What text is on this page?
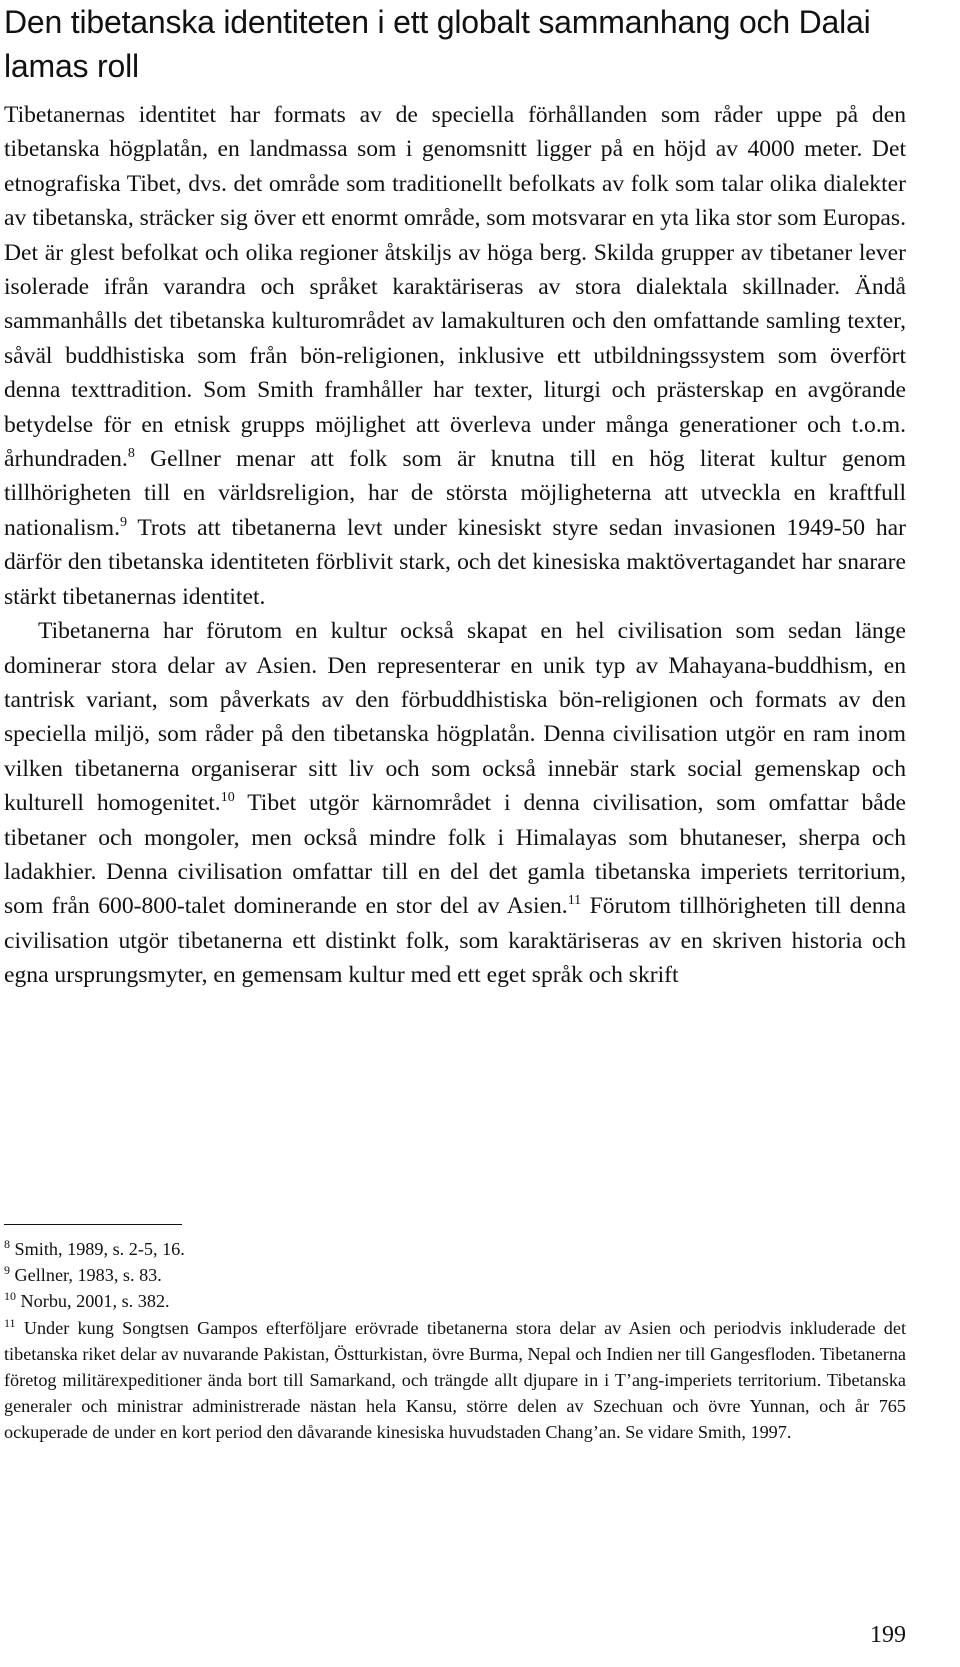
Den tibetanska identiteten i ett globalt sammanhang och Dalai lamas roll

Tibetanernas identitet har formats av de speciella förhållanden som råder uppe på den tibetanska högplatån, en landmassa som i genomsnitt ligger på en höjd av 4000 meter. Det etnografiska Tibet, dvs. det område som traditionellt befolkats av folk som talar olika dialekter av tibetanska, sträcker sig över ett enormt område, som motsvarar en yta lika stor som Europas. Det är glest befolkat och olika regioner åtskiljs av höga berg. Skilda grupper av tibetaner lever isolerade ifrån varandra och språket karaktäriseras av stora dialektala skillnader. Ändå sammanhålls det tibetanska kulturområdet av lamakulturen och den omfattande samling texter, såväl buddhistiska som från bön-religionen, inklusive ett utbildningssystem som överfört denna texttradition. Som Smith framhåller har texter, liturgi och prästerskap en avgörande betydelse för en etnisk grupps möjlighet att överleva under många generationer och t.o.m. århundraden.$^8$ Gellner menar att folk som är knutna till en hög literat kultur genom tillhörigheten till en världsreligion, har de största möjligheterna att utveckla en kraftfull nationalism.$^9$ Trots att tibetanerna levt under kinesiskt styre sedan invasionen 1949-50 har därför den tibetanska identiteten förblivit stark, och det kinesiska maktövertagandet har snarare stärkt tibetanernas identitet.

Tibetanerna har förutom en kultur också skapat en hel civilisation som sedan länge dominerar stora delar av Asien. Den representerar en unik typ av Mahayana-buddhism, en tantrisk variant, som påverkats av den förbuddhistiska bön-religionen och formats av den speciella miljö, som råder på den tibetanska högplatån. Denna civilisation utgör en ram inom vilken tibetanerna organiserar sitt liv och som också innebär stark social gemenskap och kulturell homogenitet.$^{10}$ Tibet utgör kärnområdet i denna civilisation, som omfattar både tibetaner och mongoler, men också mindre folk i Himalayas som bhutaneser, sherpa och ladakhier. Denna civilisation omfattar till en del det gamla tibetanska imperiets territorium, som från 600-800-talet dominerande en stor del av Asien.$^{11}$ Förutom tillhörigheten till denna civilisation utgör tibetanerna ett distinkt folk, som karaktäriseras av en skriven historia och egna ursprungsmyter, en gemensam kultur med ett eget språk och skrift

$^8$ Smith, 1989, s. 2-5, 16.

$^9$ Gellner, 1983, s. 83.

$^{10}$ Norbu, 2001, s. 382.

$^{11}$ Under kung Songtsen Gampos efterföljare erövrade tibetanerna stora delar av Asien och periodvis inkluderade det tibetanska riket delar av nuvarande Pakistan, Östturkistan, övre Burma, Nepal och Indien ner till Gangesfloden. Tibetanerna företog militärexpeditioner ända bort till Samarkand, och trängde allt djupare in i T’ang-imperiets territorium. Tibetanska generaler och ministrar administrerade nästan hela Kansu, större delen av Szechuan och övre Yunnan, och år 765 ockuperade de under en kort period den dåvarande kinesiska huvudstaden Chang’an. Se vidare Smith, 1997.

199
